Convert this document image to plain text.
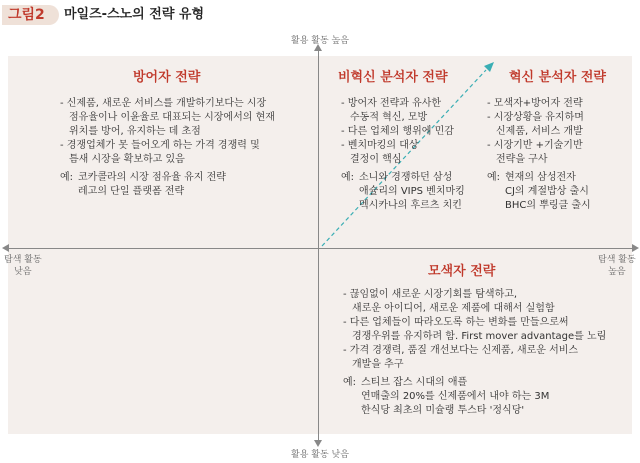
그림2	마일즈-스노의 전략 유형
활용 활동 높음
활용 활동 낮음
탐색 활동
낮음
탐색 활동
높음
방어자 전략

- 신제품, 새로운 서비스를 개발하기보다는 시장
점유율이나 이윤율로 대표되는 시장에서의 현재
위치를 방어, 유지하는 데 초점

- 경쟁업체가 못 들어오게 하는 가격 경쟁력 및
틈새 시장을 확보하고 있음

예: 코카콜라의 시장 점유율 유지 전략
레고의 단일 플랫폼 전략

비혁신 분석자 전략

- 방어자 전략과 유사한
수동적 혁신, 모방

- 다른 업체의 행위에 민감

- 벤치마킹의 대상
결정이 핵심

예: 소니와 경쟁하던 삼성
애슐리의 VIPS 벤치마킹
멕시카나의 후르츠 치킨

혁신 분석자 전략

- 모색자+방어자 전략

- 시장상황을 유지하며
신제품, 서비스 개발

- 시장기반 +기술기반
전략을 구사

예: 현재의 삼성전자
CJ의 계절밥상 출시
BHC의 뿌링클 출시

모색자 전략

- 끊임없이 새로운 시장기회를 탐색하고,
새로운 아이디어, 새로운 제품에 대해서 실험함

- 다른 업체들이 따라오도록 하는 변화를 만들으로써
경쟁우위를 유지하려 함. First mover advantage를 노림

- 가격 경쟁력, 품질 개선보다는 신제품, 새로운 서비스
개발을 추구

예: 스티브 잡스 시대의 애플
연매출의 20%를 신제품에서 내야 하는 3M
한식당 최초의 미슐랭 투스타 '정식당'
